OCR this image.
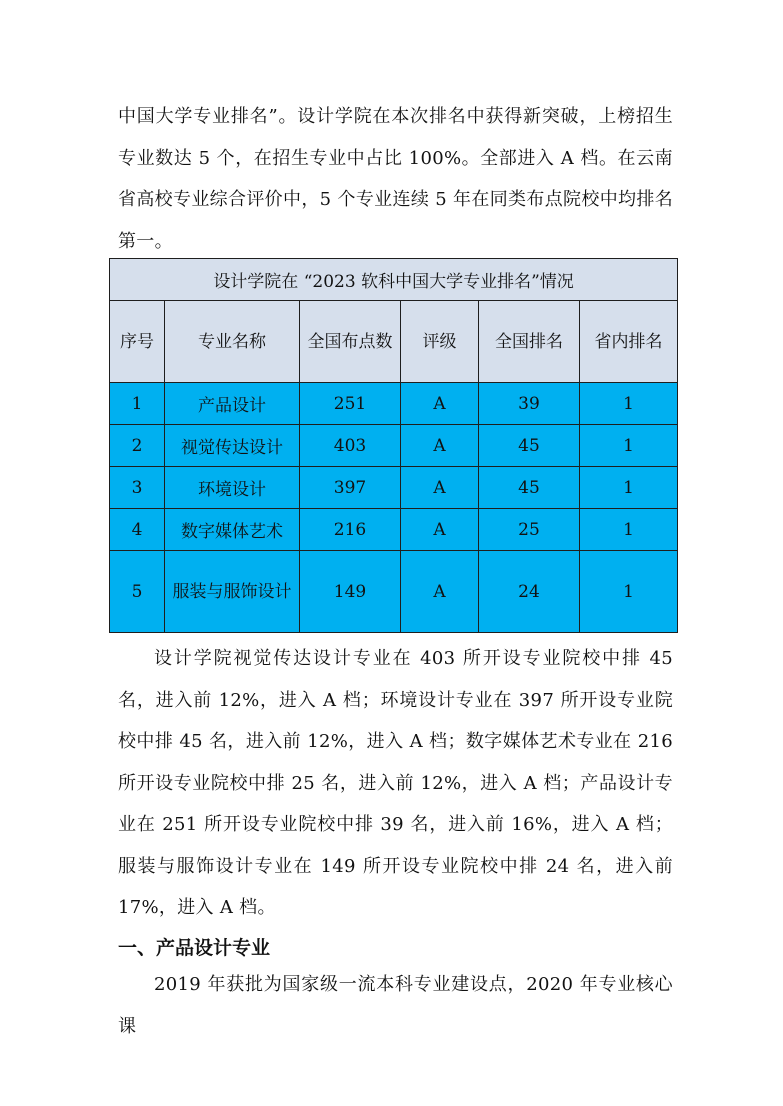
中国大学专业排名”。设计学院在本次排名中获得新突破，上榜招生专业数达 5 个，在招生专业中占比 100%。全部进入 A 档。在云南省高校专业综合评价中，5 个专业连续 5 年在同类布点院校中均排名第一。

设计学院在 “2023 软科中国大学专业排名”情况					
序号	专业名称	全国布点数	评级	全国排名	省内排名
1	产品设计	251	A	39	1
2	视觉传达设计	403	A	45	1
3	环境设计	397	A	45	1
4	数字媒体艺术	216	A	25	1
5	服装与服饰设计	149	A	24	1

设计学院视觉传达设计专业在 403 所开设专业院校中排 45 名，进入前 12%，进入 A 档；环境设计专业在 397 所开设专业院校中排 45 名，进入前 12%，进入 A 档；数字媒体艺术专业在 216 所开设专业院校中排 25 名，进入前 12%，进入 A 档；产品设计专业在 251 所开设专业院校中排 39 名，进入前 16%，进入 A 档；服装与服饰设计专业在 149 所开设专业院校中排 24 名，进入前 17%，进入 A 档。

一、产品设计专业

2019 年获批为国家级一流本科专业建设点，2020 年专业核心课
